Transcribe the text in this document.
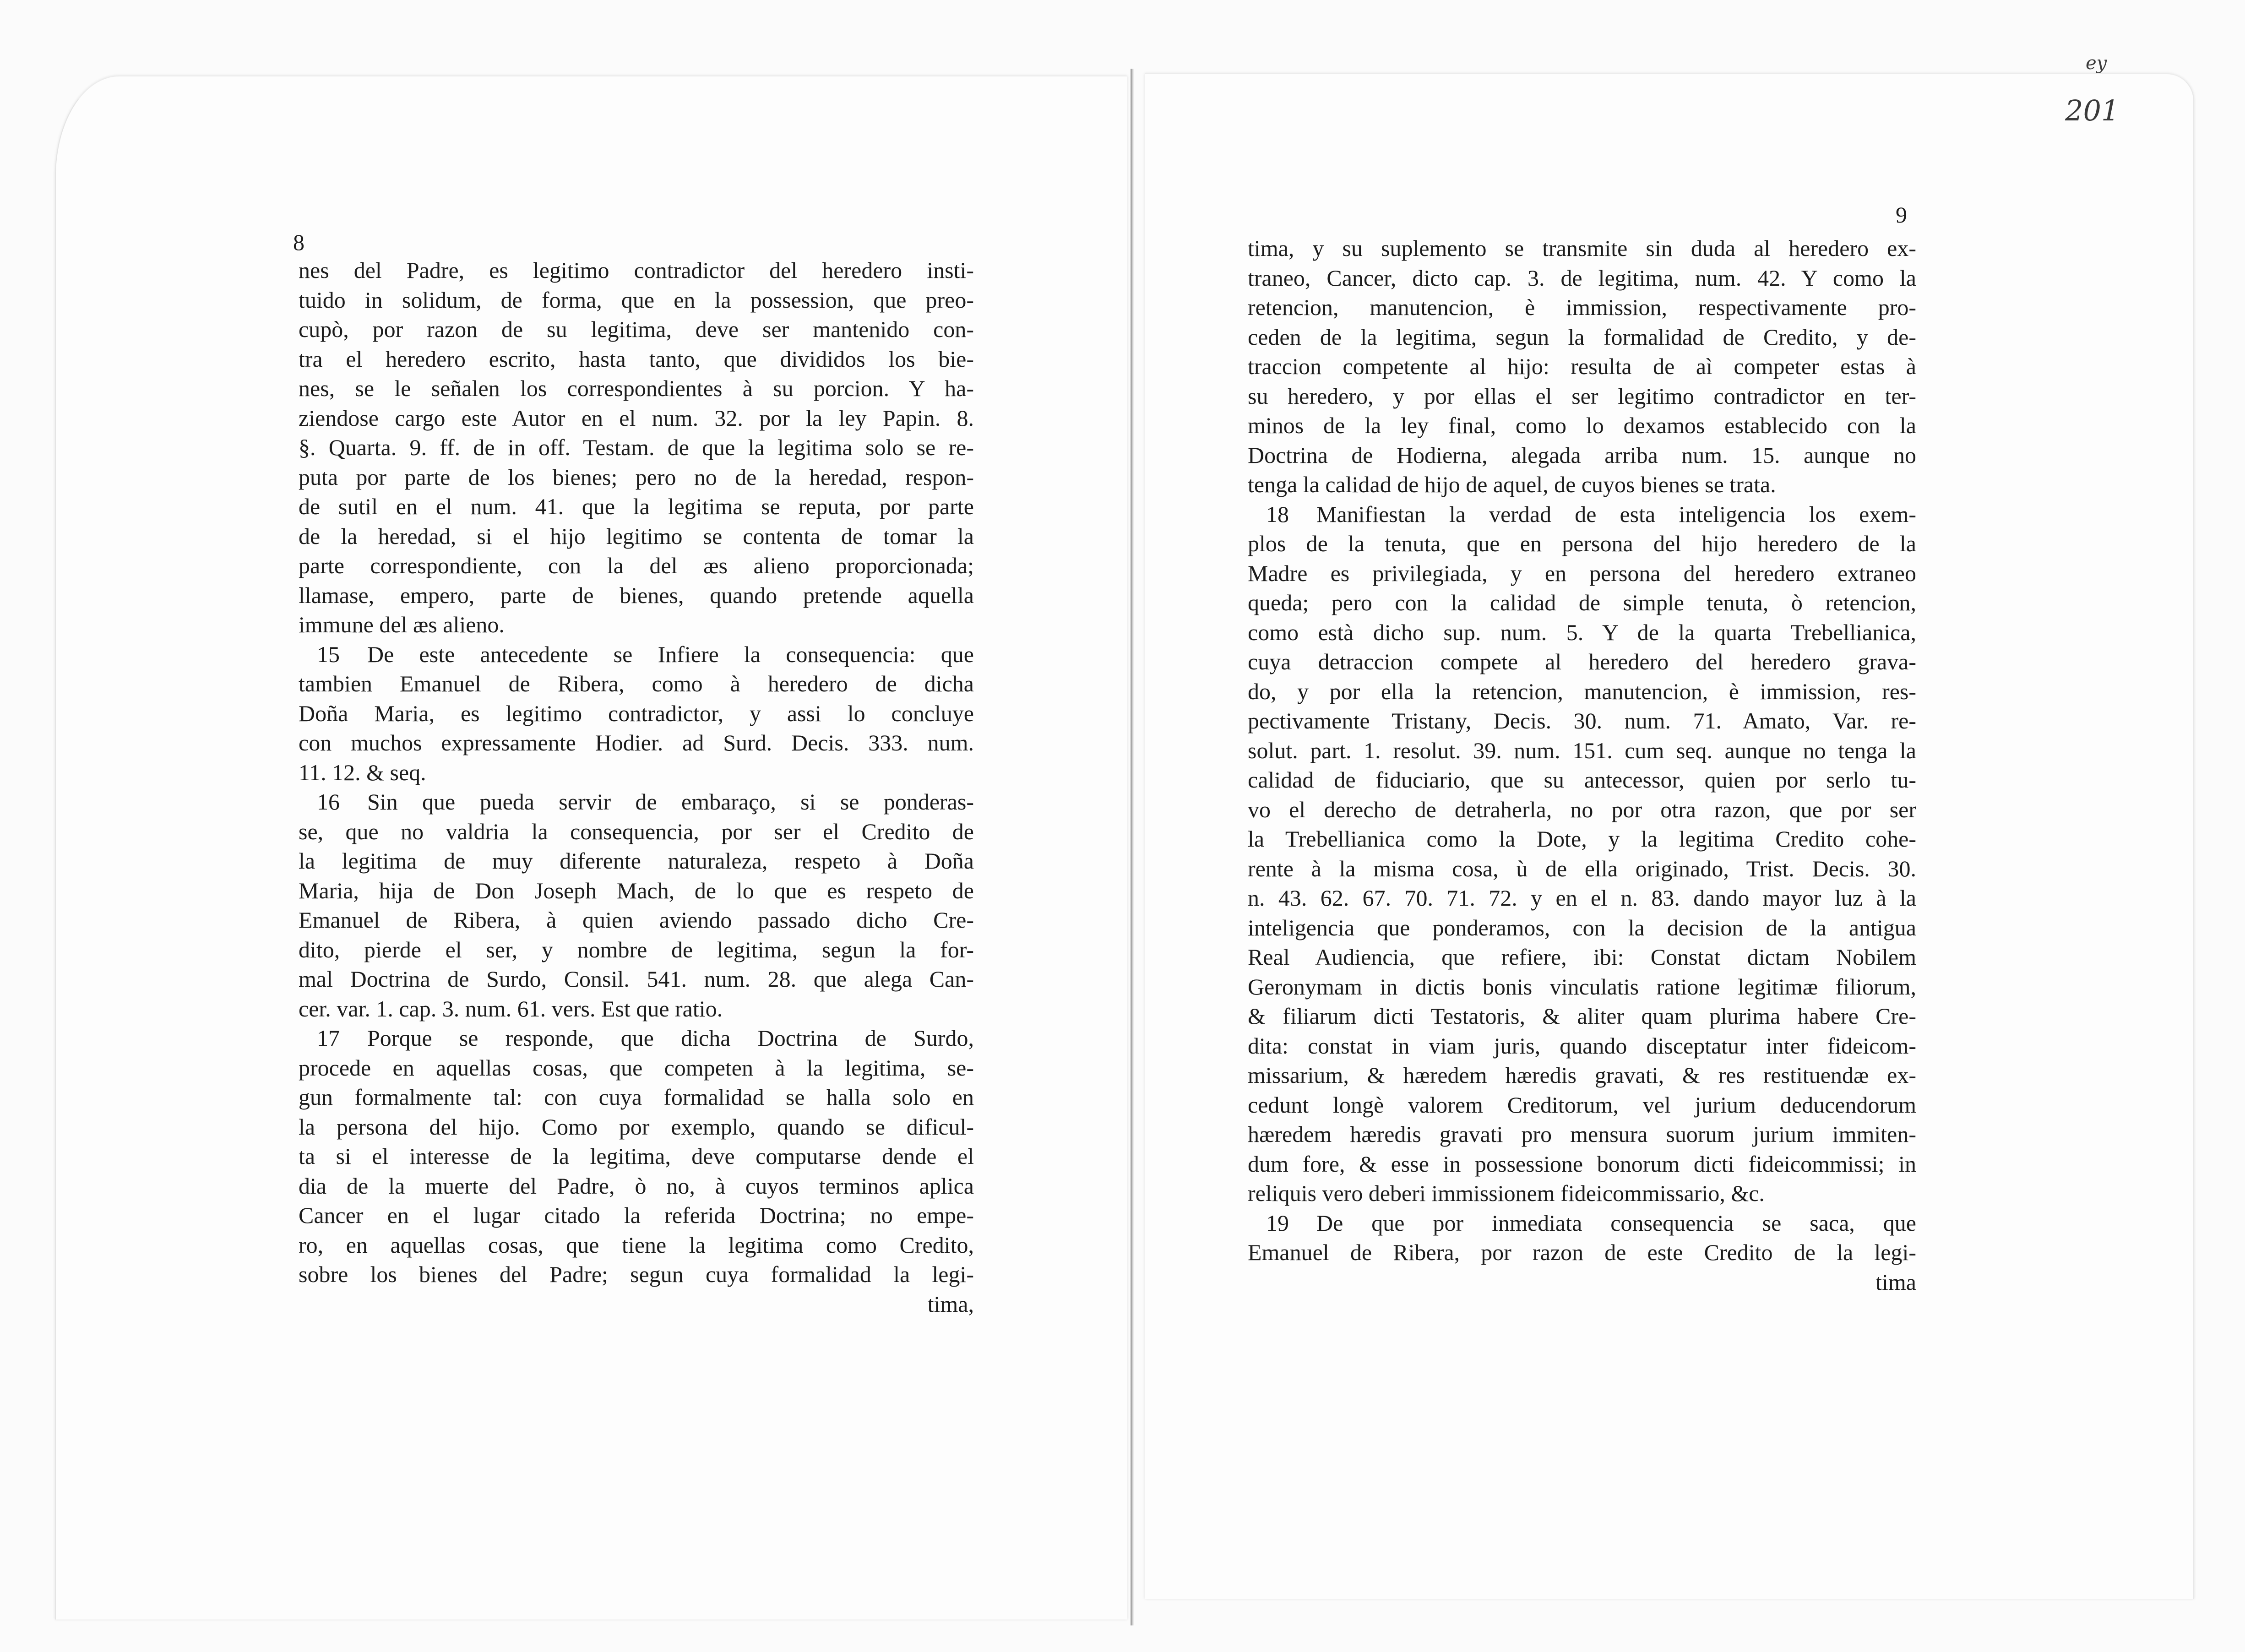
ey
201
8
nes del Padre, es legitimo contradictor del heredero insti-
tuido in solidum, de forma, que en la possession, que preo-
cupò, por razon de su legitima, deve ser mantenido con-
tra el heredero escrito, hasta tanto, que divididos los bie-
nes, se le señalen los correspondientes à su porcion. Y ha-
ziendose cargo este Autor en el num. 32. por la ley Papin. 8.
§. Quarta. 9. ff. de in off. Testam. de que la legitima solo se re-
puta por parte de los bienes; pero no de la heredad, respon-
de sutil en el num. 41. que la legitima se reputa, por parte
de la heredad, si el hijo legitimo se contenta de tomar la
parte correspondiente, con la del æs alieno proporcionada;
llamase, empero, parte de bienes, quando pretende aquella
immune del æs alieno.
15 De este antecedente se Infiere la consequencia: que
tambien Emanuel de Ribera, como à heredero de dicha
Doña Maria, es legitimo contradictor, y assi lo concluye
con muchos expressamente Hodier. ad Surd. Decis. 333. num.
11. 12. & seq.
16 Sin que pueda servir de embaraço, si se ponderas-
se, que no valdria la consequencia, por ser el Credito de
la legitima de muy diferente naturaleza, respeto à Doña
Maria, hija de Don Joseph Mach, de lo que es respeto de
Emanuel de Ribera, à quien aviendo passado dicho Cre-
dito, pierde el ser, y nombre de legitima, segun la for-
mal Doctrina de Surdo, Consil. 541. num. 28. que alega Can-
cer. var. 1. cap. 3. num. 61. vers. Est que ratio.
17 Porque se responde, que dicha Doctrina de Surdo,
procede en aquellas cosas, que competen à la legitima, se-
gun formalmente tal: con cuya formalidad se halla solo en
la persona del hijo. Como por exemplo, quando se dificul-
ta si el interesse de la legitima, deve computarse dende el
dia de la muerte del Padre, ò no, à cuyos terminos aplica
Cancer en el lugar citado la referida Doctrina; no empe-
ro, en aquellas cosas, que tiene la legitima como Credito,
sobre los bienes del Padre; segun cuya formalidad la legi-
tima,
9
tima, y su suplemento se transmite sin duda al heredero ex-
traneo, Cancer, dicto cap. 3. de legitima, num. 42. Y como la
retencion, manutencion, è immission, respectivamente pro-
ceden de la legitima, segun la formalidad de Credito, y de-
traccion competente al hijo: resulta de aì competer estas à
su heredero, y por ellas el ser legitimo contradictor en ter-
minos de la ley final, como lo dexamos establecido con la
Doctrina de Hodierna, alegada arriba num. 15. aunque no
tenga la calidad de hijo de aquel, de cuyos bienes se trata.
18 Manifiestan la verdad de esta inteligencia los exem-
plos de la tenuta, que en persona del hijo heredero de la
Madre es privilegiada, y en persona del heredero extraneo
queda; pero con la calidad de simple tenuta, ò retencion,
como està dicho sup. num. 5. Y de la quarta Trebellianica,
cuya detraccion compete al heredero del heredero grava-
do, y por ella la retencion, manutencion, è immission, res-
pectivamente Tristany, Decis. 30. num. 71. Amato, Var. re-
solut. part. 1. resolut. 39. num. 151. cum seq. aunque no tenga la
calidad de fiduciario, que su antecessor, quien por serlo tu-
vo el derecho de detraherla, no por otra razon, que por ser
la Trebellianica como la Dote, y la legitima Credito cohe-
rente à la misma cosa, ù de ella originado, Trist. Decis. 30.
n. 43. 62. 67. 70. 71. 72. y en el n. 83. dando mayor luz à la
inteligencia que ponderamos, con la decision de la antigua
Real Audiencia, que refiere, ibi: Constat dictam Nobilem
Geronymam in dictis bonis vinculatis ratione legitimæ filiorum,
& filiarum dicti Testatoris, & aliter quam plurima habere Cre-
dita: constat in viam juris, quando disceptatur inter fideicom-
missarium, & hæredem hæredis gravati, & res restituendæ ex-
cedunt longè valorem Creditorum, vel jurium deducendorum
hæredem hæredis gravati pro mensura suorum jurium immiten-
dum fore, & esse in possessione bonorum dicti fideicommissi; in
reliquis vero deberi immissionem fideicommissario, &c.
19 De que por inmediata consequencia se saca, que
Emanuel de Ribera, por razon de este Credito de la legi-
tima
